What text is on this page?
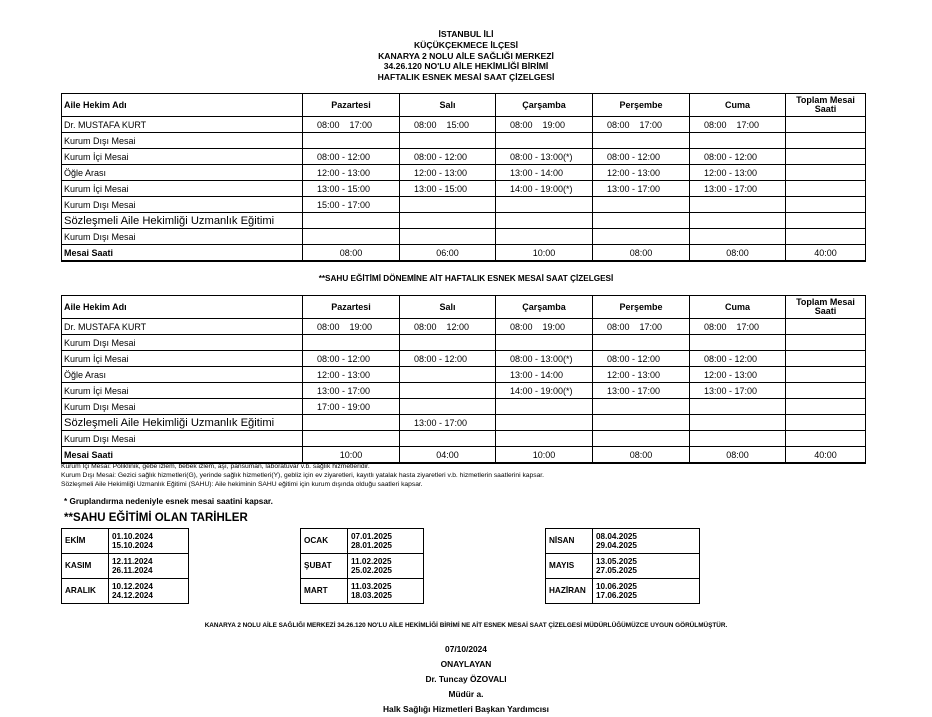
İSTANBUL İLİ
KÜÇÜKÇEKMECE İLÇESİ
KANARYA 2 NOLU AİLE SAĞLIĞI MERKEZİ
34.26.120 NO'LU AİLE HEKİMLİĞİ BİRİMİ
HAFTALIK ESNEK MESAİ SAAT ÇİZELGESİ
Aile Hekim Adı	Pazartesi	Salı	Çarşamba	Perşembe	Cuma	Toplam Mesai Saati
Dr. MUSTAFA KURT	08:00    17:00	08:00    15:00	08:00    19:00	08:00    17:00	08:00    17:00	
Kurum Dışı Mesai						
Kurum İçi Mesai	08:00 - 12:00	08:00 - 12:00	08:00 - 13:00(*)	08:00 - 12:00	08:00 - 12:00	
Öğle Arası	12:00 - 13:00	12:00 - 13:00	13:00 - 14:00	12:00 - 13:00	12:00 - 13:00	
Kurum İçi Mesai	13:00 - 15:00	13:00 - 15:00	14:00 - 19:00(*)	13:00 - 17:00	13:00 - 17:00	
Kurum Dışı Mesai	15:00 - 17:00					
Sözleşmeli Aile Hekimliği Uzmanlık Eğitimi						
Kurum Dışı Mesai						
Mesai Saati	08:00	06:00	10:00	08:00	08:00	40:00
**SAHU EĞİTİMİ DÖNEMİNE AİT HAFTALIK ESNEK MESAİ SAAT ÇİZELGESİ
Aile Hekim Adı	Pazartesi	Salı	Çarşamba	Perşembe	Cuma	Toplam Mesai Saati
Dr. MUSTAFA KURT	08:00    19:00	08:00    12:00	08:00    19:00	08:00    17:00	08:00    17:00	
Kurum Dışı Mesai						
Kurum İçi Mesai	08:00 - 12:00	08:00 - 12:00	08:00 - 13:00(*)	08:00 - 12:00	08:00 - 12:00	
Öğle Arası	12:00 - 13:00		13:00 - 14:00	12:00 - 13:00	12:00 - 13:00	
Kurum İçi Mesai	13:00 - 17:00		14:00 - 19:00(*)	13:00 - 17:00	13:00 - 17:00	
Kurum Dışı Mesai	17:00 - 19:00					
Sözleşmeli Aile Hekimliği Uzmanlık Eğitimi		13:00 - 17:00				
Kurum Dışı Mesai						
Mesai Saati	10:00	04:00	10:00	08:00	08:00	40:00
Kurum İçi Mesai: Poliklinik, gebe izlem, bebek izlem, aşı, pansuman, laboratuvar v.b. sağlık hizmetleridir.
Kurum Dışı Mesai: Gezici sağlık hizmetleri(G), yerinde sağlık hizmetleri(Y), gebliz için ev ziyaretleri, kayıtlı yatalak hasta ziyaretleri v.b. hizmetlerin saatlerini kapsar.
Sözleşmeli Aile Hekimliği Uzmanlık Eğitimi (SAHU): Aile hekiminin SAHU eğitimi için kurum dışında olduğu saatleri kapsar.
* Gruplandırma nedeniyle esnek mesai saatini kapsar.
**SAHU EĞİTİMİ OLAN TARİHLER
EKİM	01.10.2024
15.10.2024

KASIM	12.11.2024
26.11.2024

ARALIK	10.12.2024
24.12.2024
OCAK	07.01.2025
28.01.2025

ŞUBAT	11.02.2025
25.02.2025

MART	11.03.2025
18.03.2025
NİSAN	08.04.2025
29.04.2025

MAYIS	13.05.2025
27.05.2025

HAZİRAN	10.06.2025
17.06.2025
KANARYA 2 NOLU AİLE SAĞLIĞI MERKEZİ 34.26.120 NO'LU AİLE HEKİMLİĞİ BİRİMİ NE AİT ESNEK MESAİ SAAT ÇİZELGESİ MÜDÜRLÜĞÜMÜZCE UYGUN GÖRÜLMÜŞTÜR.
07/10/2024
ONAYLAYAN
Dr. Tuncay ÖZOVALI
Müdür a.
Halk Sağlığı Hizmetleri Başkan Yardımcısı
